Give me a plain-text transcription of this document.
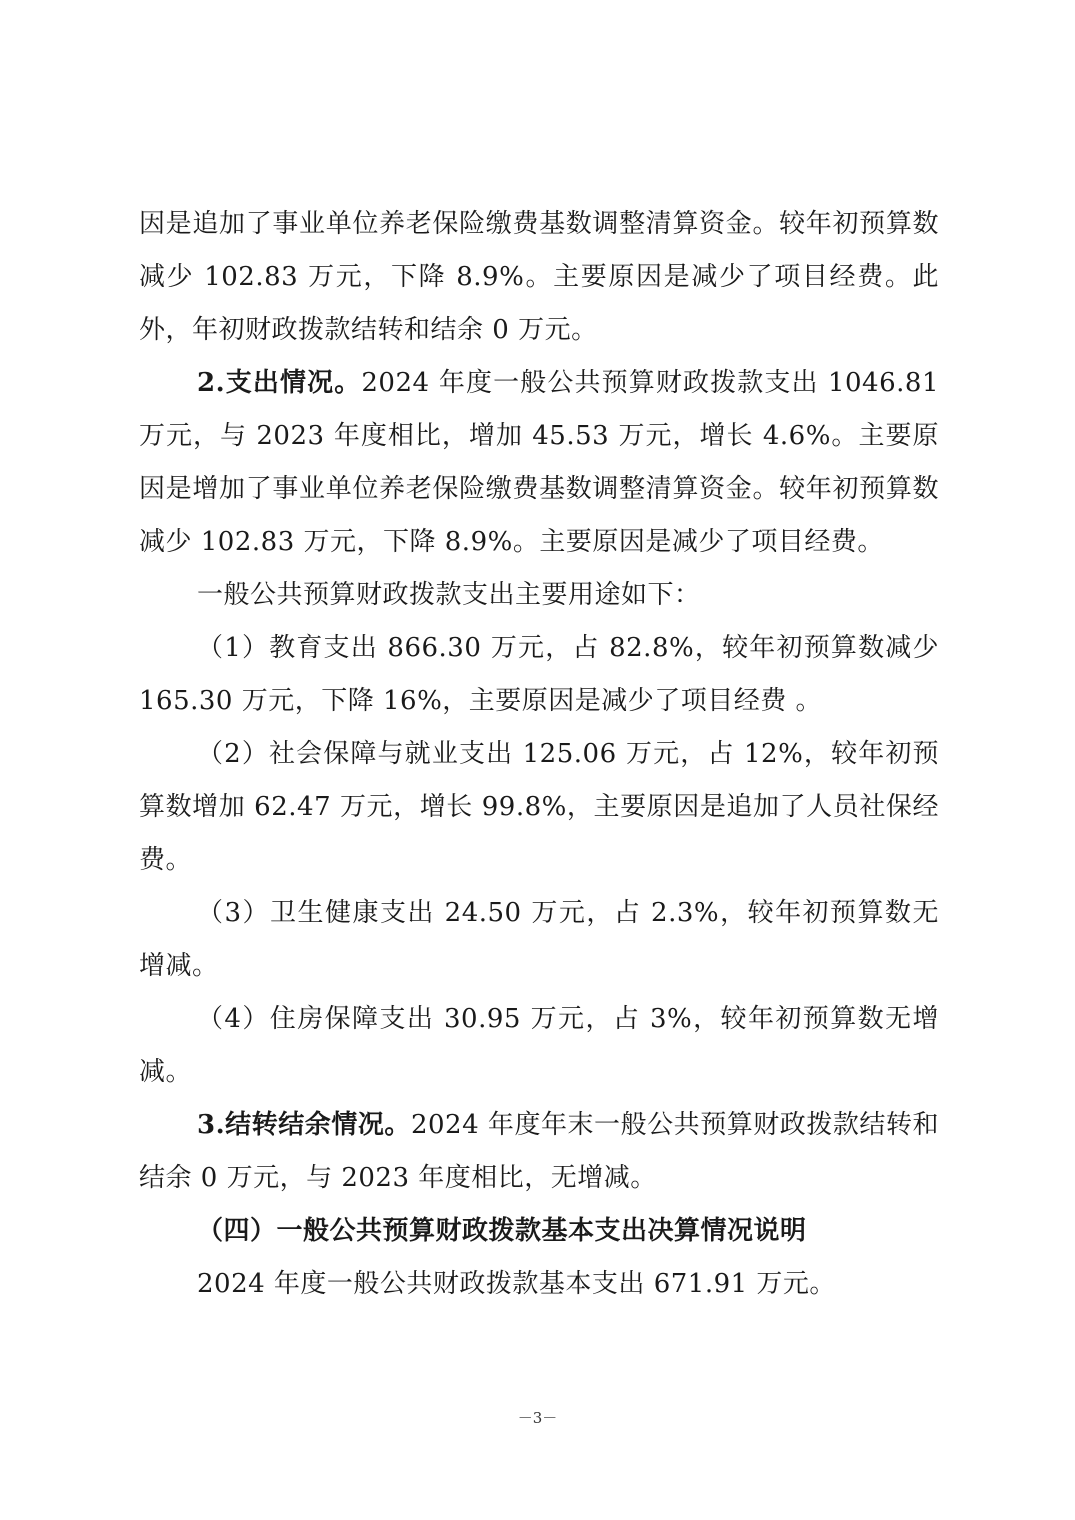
因是追加了事业单位养老保险缴费基数调整清算资金。较年初预算数减少 102.83 万元，下降 8.9%。主要原因是减少了项目经费。此外，年初财政拨款结转和结余 0 万元。

2.支出情况。2024 年度一般公共预算财政拨款支出 1046.81 万元，与 2023 年度相比，增加 45.53 万元，增长 4.6%。主要原因是增加了事业单位养老保险缴费基数调整清算资金。较年初预算数减少 102.83 万元，下降 8.9%。主要原因是减少了项目经费。

一般公共预算财政拨款支出主要用途如下：

（1）教育支出 866.30 万元，占 82.8%，较年初预算数减少 165.30 万元，下降 16%，主要原因是减少了项目经费 。

（2）社会保障与就业支出 125.06 万元，占 12%，较年初预算数增加 62.47 万元，增长 99.8%，主要原因是追加了人员社保经费。

（3）卫生健康支出 24.50 万元，占 2.3%，较年初预算数无增减。

（4）住房保障支出 30.95 万元，占 3%，较年初预算数无增减。

3.结转结余情况。2024 年度年末一般公共预算财政拨款结转和结余 0 万元，与 2023 年度相比，无增减。

（四）一般公共预算财政拨款基本支出决算情况说明

2024 年度一般公共财政拨款基本支出 671.91 万元。

－3－
